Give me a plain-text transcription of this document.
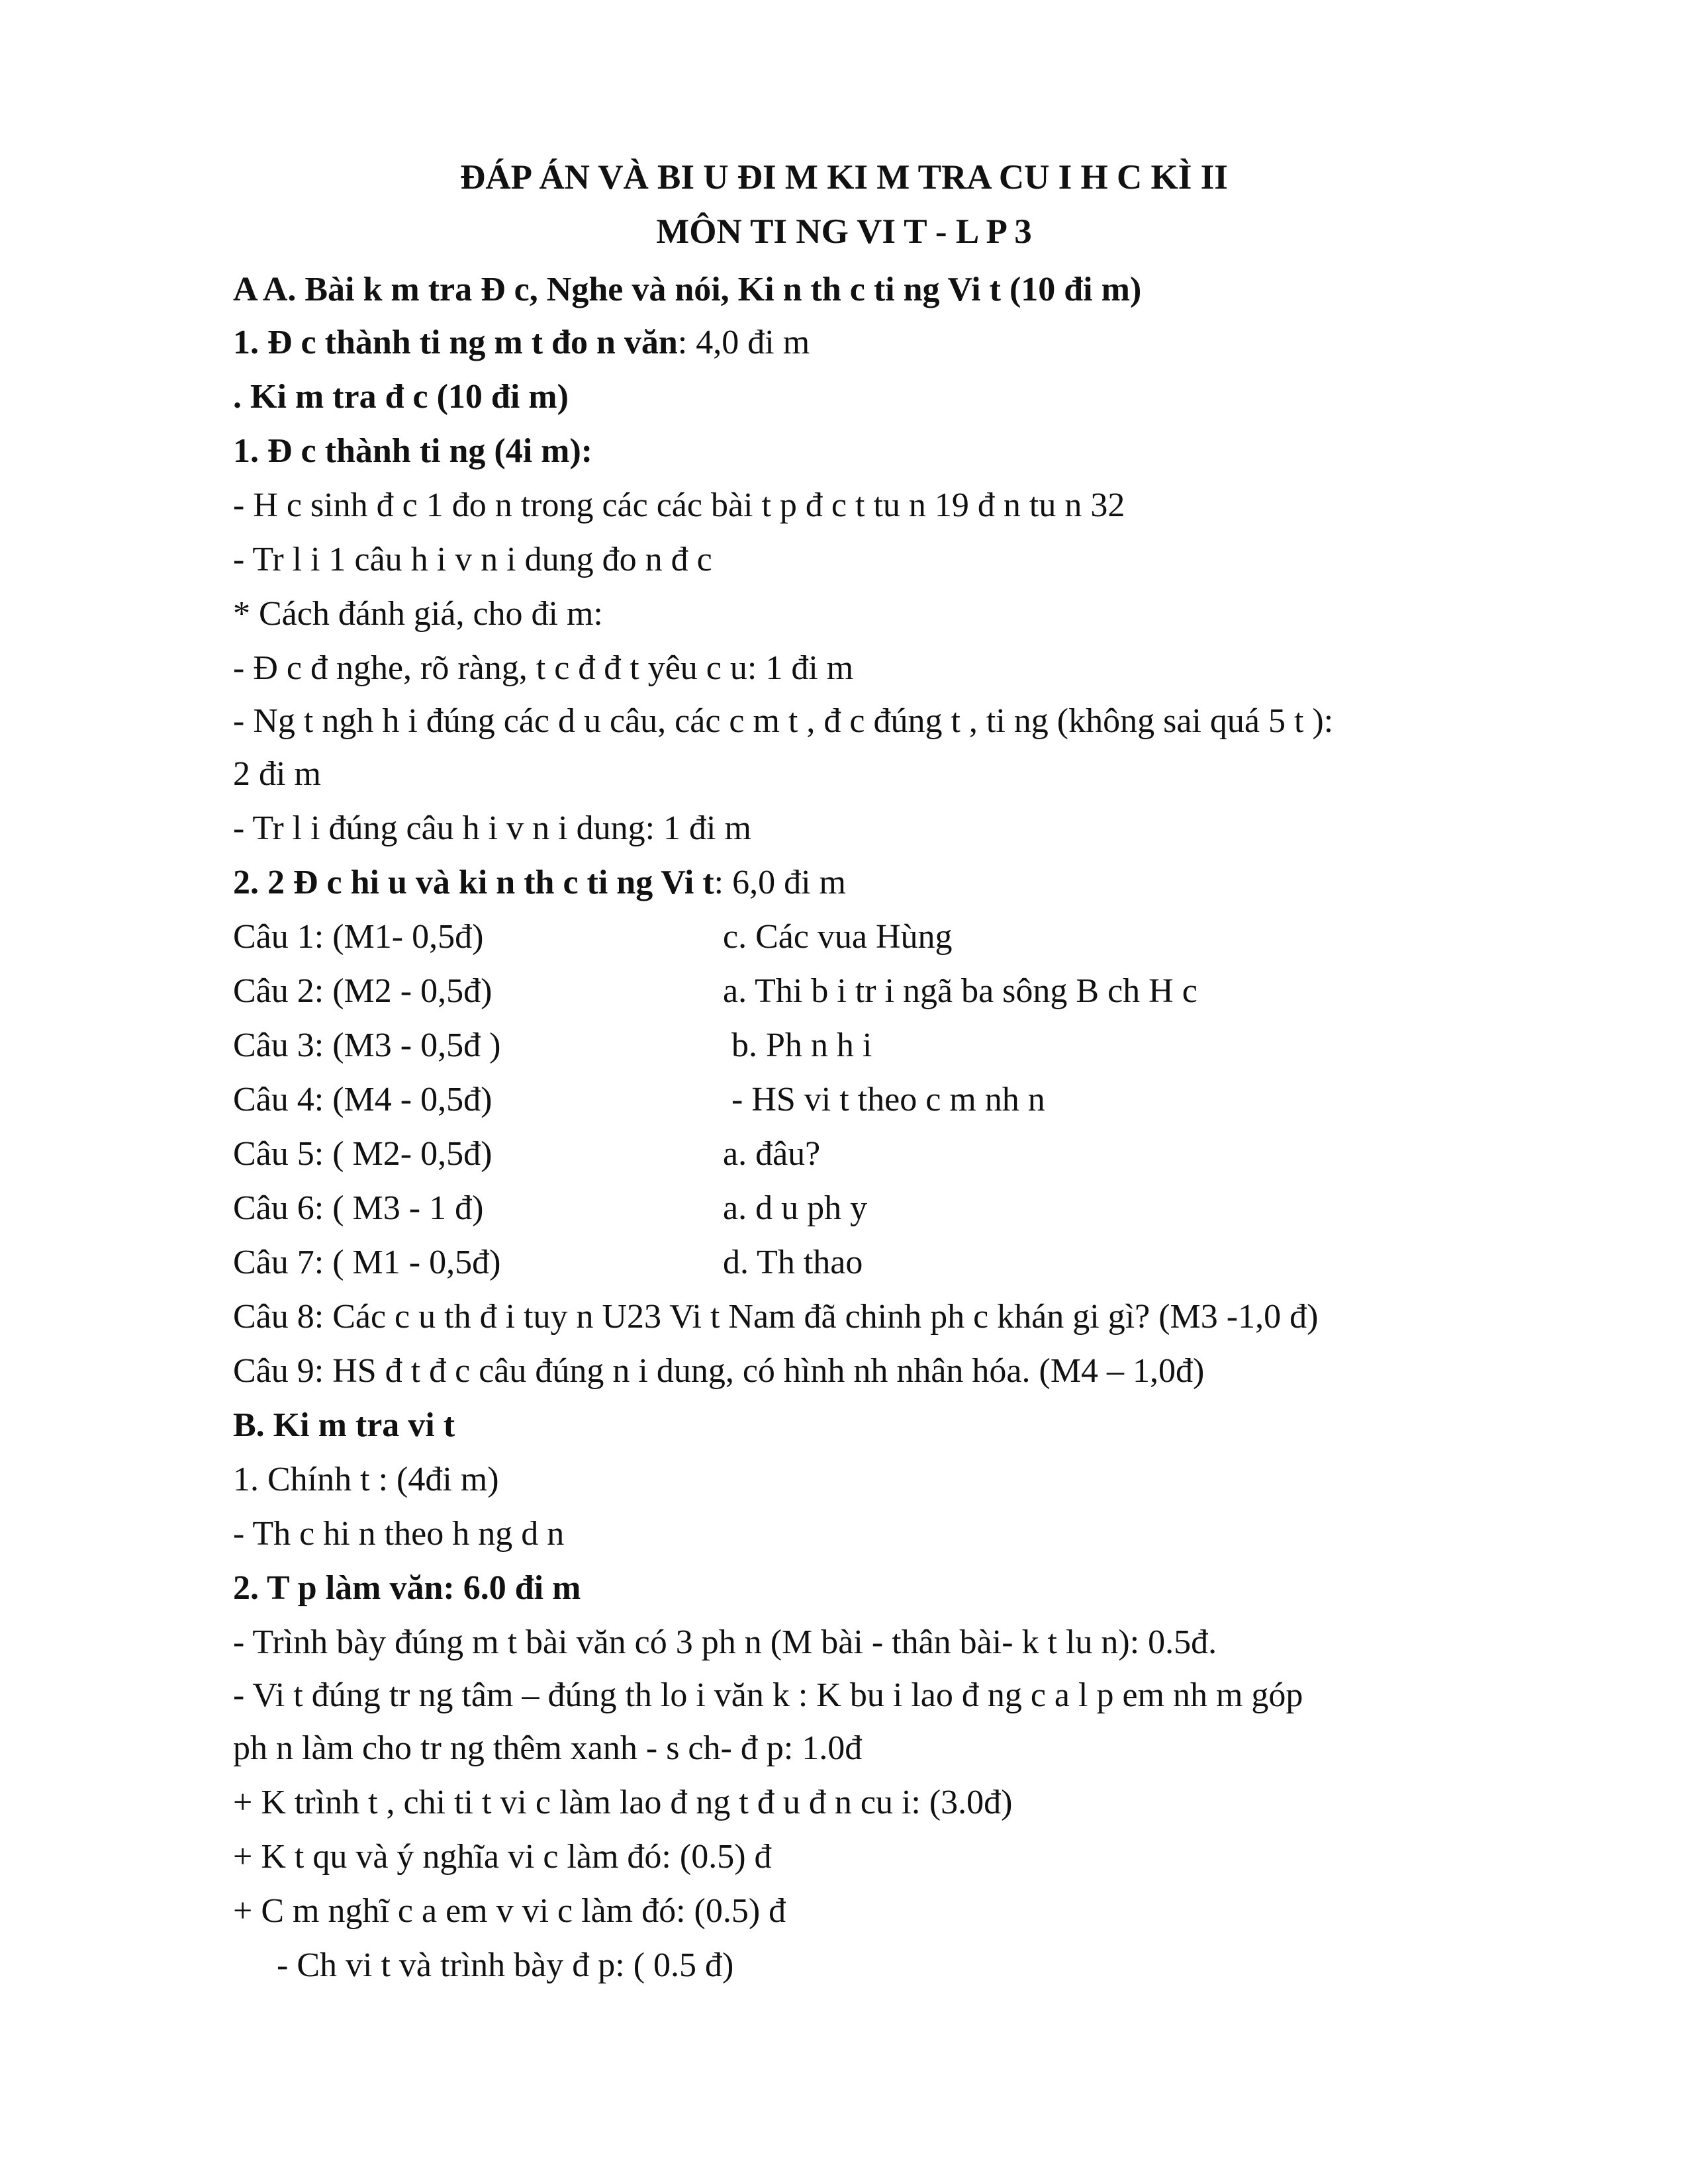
ĐÁP ÁN VÀ BI U ĐI M KI M TRA CU I H C KÌ II
MÔN TI NG VI T - L P 3
A A. Bài k m tra Đ c, Nghe và nói, Ki n th c ti ng Vi t (10 đi m)
1. Đ c thành ti ng m t đo n văn: 4,0 đi m
. Ki m tra đ c (10 đi m)
1. Đ c thành ti ng (4i m):
- H c sinh đ c 1 đo n trong các các bài t p đ c t tu n 19 đ n tu n 32
- Tr l i 1 câu h i v n i dung đo n đ c
* Cách đánh giá, cho đi m:
- Đ c đ nghe, rõ ràng, t c đ đ t yêu c u: 1 đi m
- Ng t ngh h i đúng các d u câu, các c m t , đ c đúng t , ti ng (không sai quá 5 t ):
2 đi m
- Tr l i đúng câu h i v n i dung: 1 đi m
2. 2 Đ c hi u và ki n th c ti ng Vi t: 6,0 đi m
Câu 1: (M1- 0,5đ)	c. Các vua Hùng
Câu 2: (M2 - 0,5đ)	a. Thi b i tr i ngã ba sông B ch H c
Câu 3: (M3 - 0,5đ )	b. Ph n h i
Câu 4: (M4 - 0,5đ)	- HS vi t theo c m nh n
Câu 5: ( M2- 0,5đ)	a. đâu?
Câu 6: ( M3 - 1 đ)	a. d u ph y
Câu 7: ( M1 - 0,5đ)	d. Th thao
Câu 8: Các c u th đ i tuy n U23 Vi t Nam đã chinh ph c khán gi gì? (M3 -1,0 đ)
Câu 9: HS đ t đ c câu đúng n i dung, có hình nh nhân hóa. (M4 – 1,0đ)
B. Ki m tra vi t
1. Chính t : (4đi m)
- Th c hi n theo h ng d n
2. T p làm văn: 6.0 đi m
- Trình bày đúng m t bài văn có 3 ph n (M bài - thân bài- k t lu n): 0.5đ.
- Vi t đúng tr ng tâm – đúng th lo i văn k : K bu i lao đ ng c a l p em nh m góp
ph n làm cho tr ng thêm xanh - s ch- đ p: 1.0đ
+ K trình t , chi ti t vi c làm lao đ ng t đ u đ n cu i: (3.0đ)
+ K t qu và ý nghĩa vi c làm đó: (0.5) đ
+ C m nghĩ c a em v vi c làm đó: (0.5) đ
- Ch vi t và trình bày đ p: ( 0.5 đ)
